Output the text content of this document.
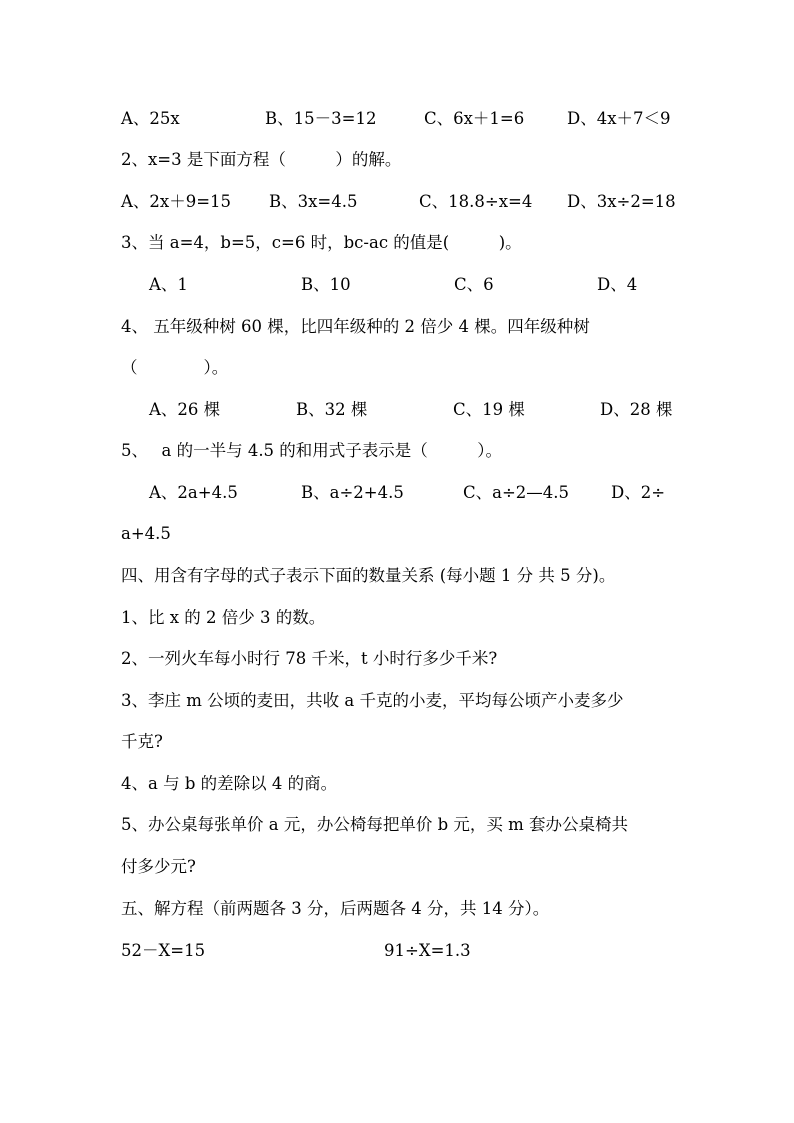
A、25x	B、15－3=12	C、6x＋1=6	D、4x＋7＜9
2、x=3 是下面方程（　　　）的解。
A、2x＋9=15 B、3x=4.5	C、18.8÷x=4 D、3x÷2=18
3、当 a=4，b=5，c=6 时，bc-ac 的值是(　　　)。
A、1	B、10	C、6	D、4
4、 五年级种树 60 棵，比四年级种的 2 倍少 4 棵。四年级种树
（　　　　）。
A、26 棵	B、32 棵	C、19 棵	D、28 棵
5、　 a 的一半与 4.5 的和用式子表示是（　　　）。
A、2a+4.5	B、a÷2+4.5	C、a÷2—4.5	D、2÷
a+4.5
四、用含有字母的式子表示下面的数量关系 (每小题 1 分 共 5 分)。
1、比 x 的 2 倍少 3 的数。
2、一列火车每小时行 78 千米，t 小时行多少千米?
3、李庄 m 公顷的麦田，共收 a 千克的小麦，平均每公顷产小麦多少
千克?
4、a 与 b 的差除以 4 的商。
5、办公桌每张单价 a 元，办公椅每把单价 b 元，买 m 套办公桌椅共
付多少元?
五、解方程（前两题各 3 分，后两题各 4 分，共 14 分）。
52－X=15	91÷X=1.3
